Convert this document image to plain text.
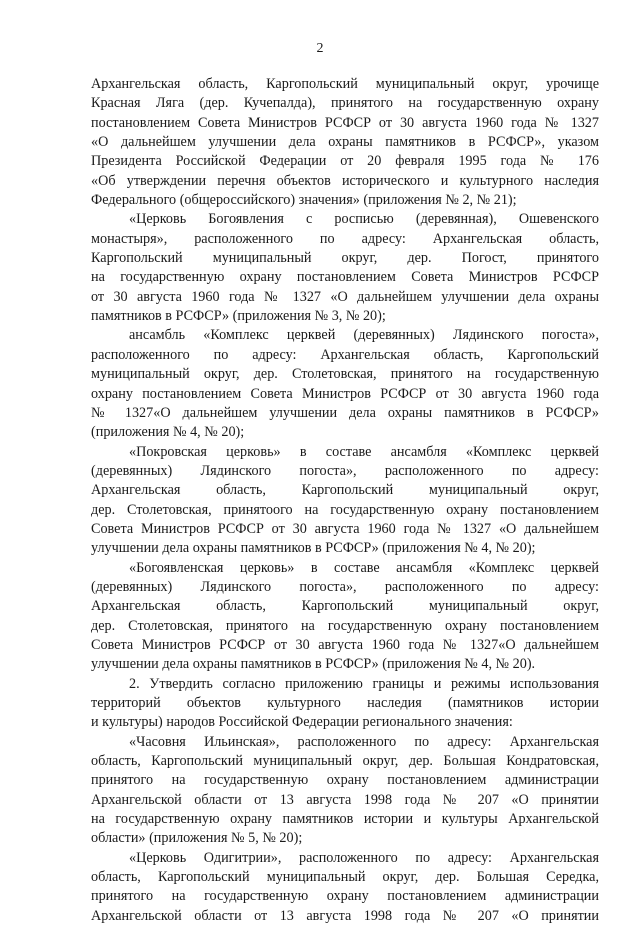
2
Архангельская область, Каргопольский муниципальный округ, урочище
Красная Ляга (дер. Кучепалда), принятого на государственную охрану
постановлением Совета Министров РСФСР от 30 августа 1960 года № 1327
«О дальнейшем улучшении дела охраны памятников в РСФСР», указом
Президента Российской Федерации от 20 февраля 1995 года № 176
«Об утверждении перечня объектов исторического и культурного наследия
Федерального (общероссийского) значения» (приложения № 2, № 21);
«Церковь Богоявления с росписью (деревянная), Ошевенского
монастыря», расположенного по адресу: Архангельская область,
Каргопольский муниципальный округ, дер. Погост, принятого
на государственную охрану постановлением Совета Министров РСФСР
от 30 августа 1960 года № 1327 «О дальнейшем улучшении дела охраны
памятников в РСФСР» (приложения № 3, № 20);
ансамбль «Комплекс церквей (деревянных) Лядинского погоста»,
расположенного по адресу: Архангельская область, Каргопольский
муниципальный округ, дер. Столетовская, принятого на государственную
охрану постановлением Совета Министров РСФСР от 30 августа 1960 года
№ 1327«О дальнейшем улучшении дела охраны памятников в РСФСР»
(приложения № 4, № 20);
«Покровская церковь» в составе ансамбля «Комплекс церквей
(деревянных) Лядинского погоста», расположенного по адресу:
Архангельская область, Каргопольский муниципальный округ,
дер. Столетовская, принятоого на государственную охрану постановлением
Совета Министров РСФСР от 30 августа 1960 года № 1327 «О дальнейшем
улучшении дела охраны памятников в РСФСР» (приложения № 4, № 20);
«Богоявленская церковь» в составе ансамбля «Комплекс церквей
(деревянных) Лядинского погоста», расположенного по адресу:
Архангельская область, Каргопольский муниципальный округ,
дер. Столетовская, принятого на государственную охрану постановлением
Совета Министров РСФСР от 30 августа 1960 года № 1327«О дальнейшем
улучшении дела охраны памятников в РСФСР» (приложения № 4, № 20).
2. Утвердить согласно приложению границы и режимы использования
территорий объектов культурного наследия (памятников истории
и культуры) народов Российской Федерации регионального значения:
«Часовня Ильинская», расположенного по адресу: Архангельская
область, Каргопольский муниципальный округ, дер. Большая Кондратовская,
принятого на государственную охрану постановлением администрации
Архангельской области от 13 августа 1998 года № 207 «О принятии
на государственную охрану памятников истории и культуры Архангельской
области» (приложения № 5, № 20);
«Церковь Одигитрии», расположенного по адресу: Архангельская
область, Каргопольский муниципальный округ, дер. Большая Середка,
принятого на государственную охрану постановлением администрации
Архангельской области от 13 августа 1998 года № 207 «О принятии
